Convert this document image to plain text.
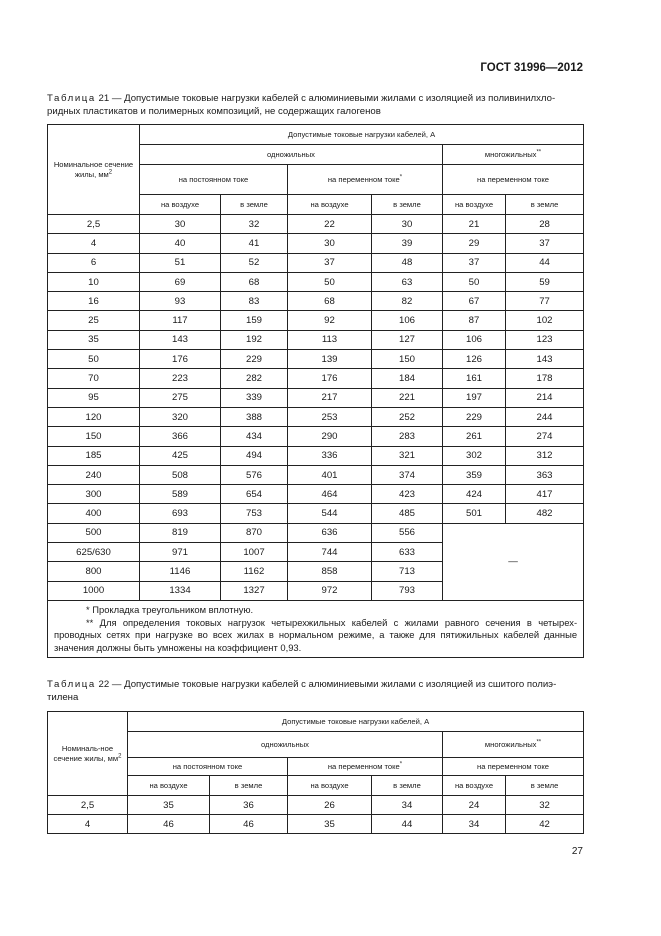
ГОСТ 31996—2012
Таблица 21 — Допустимые токовые нагрузки кабелей с алюминиевыми жилами с изоляцией из поливинилхло-ридных пластикатов и полимерных композиций, не содержащих галогенов
Номинальное сечение жилы, $мм^2$	Допустимые токовые нагрузки кабелей, А					
	одножильных				многожильных**
	на постоянном токе		на переменном токе*		на переменном токе	
	на воздухе	в земле	на воздухе	в земле	на воздухе	в земле
2,5	30	32	22	30	21	28
4	40	41	30	39	29	37
6	51	52	37	48	37	44
10	69	68	50	63	50	59
16	93	83	68	82	67	77
25	117	159	92	106	87	102
35	143	192	113	127	106	123
50	176	229	139	150	126	143
70	223	282	176	184	161	178
95	275	339	217	221	197	214
120	320	388	253	252	229	244
150	366	434	290	283	261	274
185	425	494	336	321	302	312
240	508	576	401	374	359	363
300	589	654	464	423	424	417
400	693	753	544	485	501	482
500	819	870	636	556	—	
625/630	971	1007	744	633		
800	1146	1162	858	713		
1000	1334	1327	972	793		

* Прокладка треугольником вплотную.

** Для определения токовых нагрузок четырехжильных кабелей с жилами равного сечения в четырех-проводных сетях при нагрузке во всех жилах в нормальном режиме, а также для пятижильных кабелей данные значения должны быть умножены на коэффициент 0,93.						

Таблица 22 — Допустимые токовые нагрузки кабелей с алюминиевыми жилами с изоляцией из сшитого полиэ-тилена
Номиналь-ное сечение жилы, $мм^2$	Допустимые токовые нагрузки кабелей, А					
	одножильных				многожильных**
	на постоянном токе		на переменном токе*		на переменном токе	
	на воздухе	в земле	на воздухе	в земле	на воздухе	в земле
2,5	35	36	26	34	24	32
4	46	46	35	44	34	42
27
